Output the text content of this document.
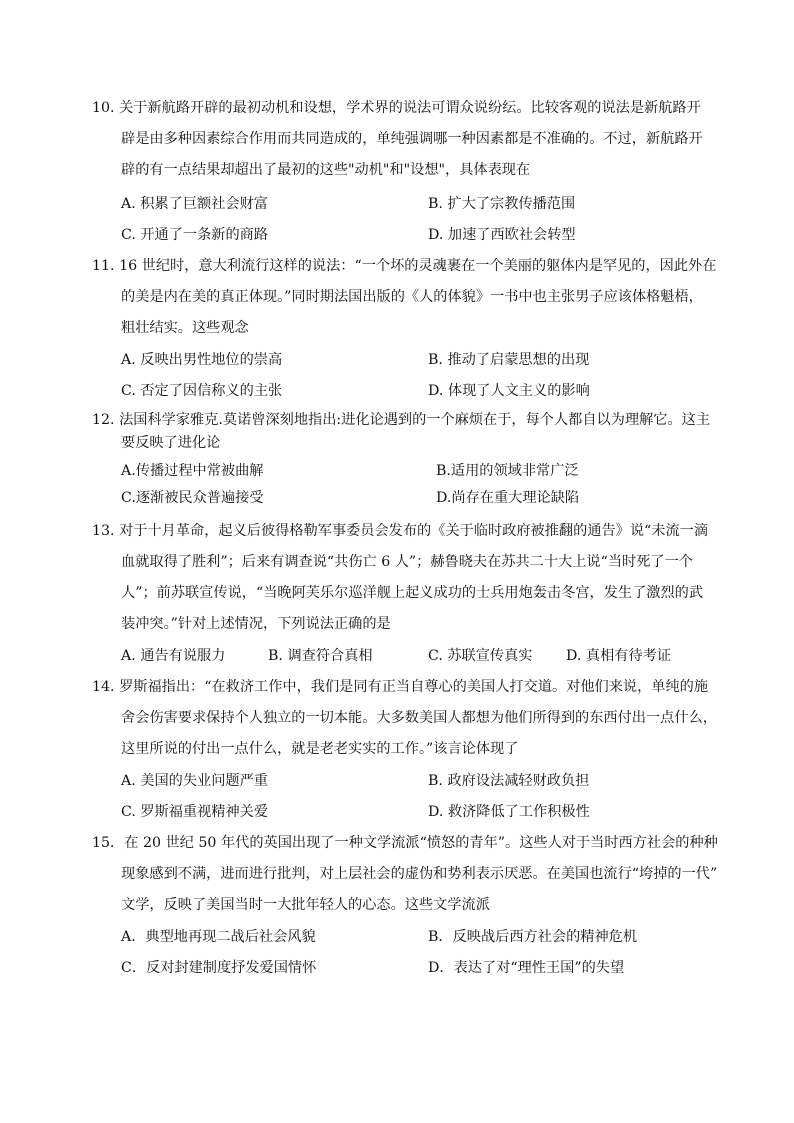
10. 关于新航路开辟的最初动机和设想，学术界的说法可谓众说纷纭。比较客观的说法是新航路开
辟是由多种因素综合作用而共同造成的，单纯强调哪一种因素都是不准确的。不过，新航路开
辟的有一点结果却超出了最初的这些"动机"和"设想"，具体表现在
A. 积累了巨额社会财富	B. 扩大了宗教传播范围
C. 开通了一条新的商路	D. 加速了西欧社会转型
11. 16 世纪时，意大利流行这样的说法：“一个坏的灵魂裹在一个美丽的躯体内是罕见的，因此外在
的美是内在美的真正体现。”同时期法国出版的《人的体貌》一书中也主张男子应该体格魁梧，
粗壮结实。这些观念
A. 反映出男性地位的崇高	B. 推动了启蒙思想的出现
C. 否定了因信称义的主张	D. 体现了人文主义的影响
12. 法国科学家雅克.莫诺曾深刻地指出:进化论遇到的一个麻烦在于，每个人都自以为理解它。这主
要反映了进化论
A.传播过程中常被曲解	B.适用的领域非常广泛
C.逐渐被民众普遍接受	D.尚存在重大理论缺陷
13. 对于十月革命，起义后彼得格勒军事委员会发布的《关于临时政府被推翻的通告》说“未流一滴
血就取得了胜利”；后来有调查说“共伤亡 6 人”；赫鲁晓夫在苏共二十大上说“当时死了一个
人”；前苏联宣传说，“当晚阿芙乐尔巡洋舰上起义成功的士兵用炮轰击冬宫，发生了激烈的武
装冲突。”针对上述情况，下列说法正确的是
A. 通告有说服力	B. 调查符合真相	C. 苏联宣传真实 D. 真相有待考证
14. 罗斯福指出：“在救济工作中，我们是同有正当自尊心的美国人打交道。对他们来说，单纯的施
舍会伤害要求保持个人独立的一切本能。大多数美国人都想为他们所得到的东西付出一点什么，
这里所说的付出一点什么，就是老老实实的工作。”该言论体现了
A. 美国的失业问题严重	B. 政府设法减轻财政负担
C. 罗斯福重视精神关爱	D. 救济降低了工作积极性
15．在 20 世纪 50 年代的英国出现了一种文学流派“愤怒的青年”。这些人对于当时西方社会的种种
现象感到不满，进而进行批判，对上层社会的虚伪和势利表示厌恶。在美国也流行“垮掉的一代”
文学，反映了美国当时一大批年轻人的心态。这些文学流派
A．典型地再现二战后社会风貌	B．反映战后西方社会的精神危机
C．反对封建制度抒发爱国情怀	D．表达了对“理性王国”的失望
